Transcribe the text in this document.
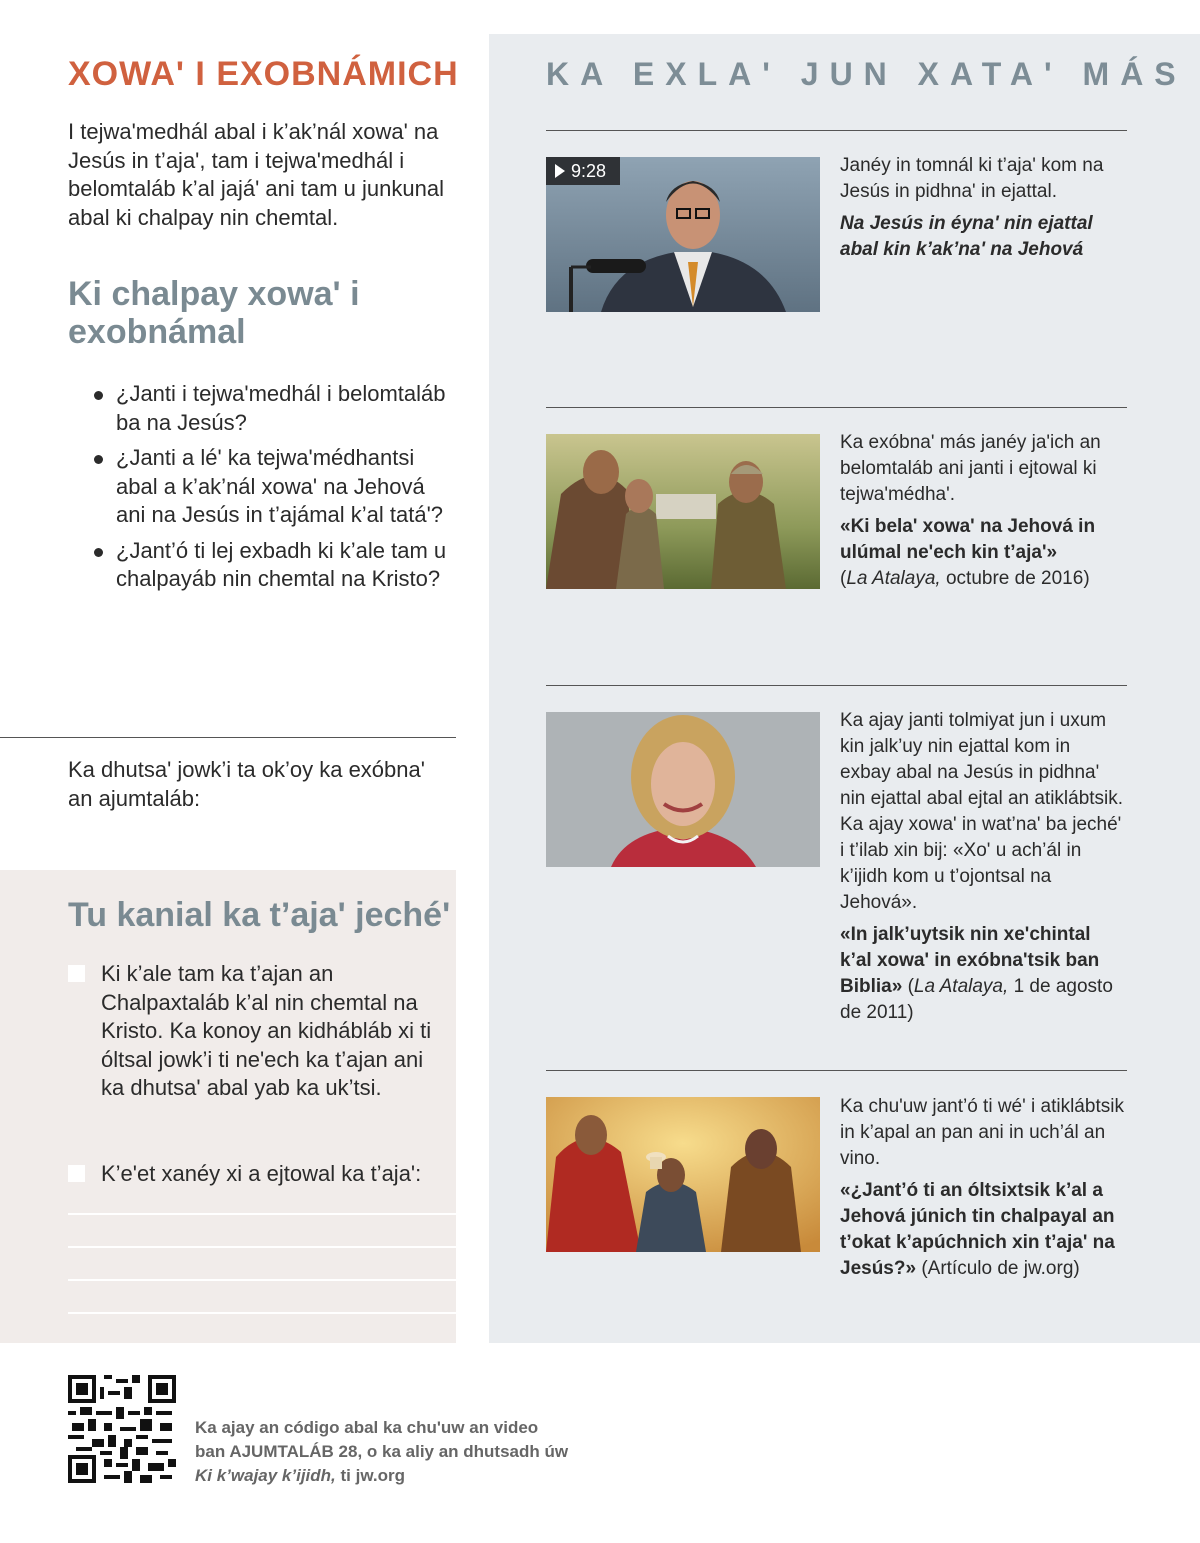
XOWA' I EXOBNÁMICH

I tejwa'medhál abal i k’ak’nál xowa' na Jesús in t’aja', tam i tejwa'medhál i belomtaláb k’al jajá' ani tam u junkunal abal ki chalpay nin chemtal.

Ki chalpay xowa' i exobnámal
¿Janti i tejwa'medhál i belomtaláb ba na Jesús?
¿Janti a lé' ka tejwa'médhantsi abal a k’ak’nál xowa' na Jehová ani na Jesús in t’ajámal k’al tatá'?
¿Jant’ó ti lej exbadh ki k’ale tam u chalpayáb nin chemtal na Kristo?

Ka dhutsa' jowk’i ta ok’oy ka exóbna' an ajumtaláb:

Tu kanial ka t’aja' jeché'
Ki k’ale tam ka t’ajan an Chalpaxtaláb k’al nin chemtal na Kristo. Ka konoy an kidhábláb xi ti óltsal jowk’i ti ne'ech ka t’ajan ani ka dhutsa' abal yab ka uk’tsi.
K’e'et xanéy xi a ejtowal ka t’aja':
KA EXLA' JUN XATA' MÁS
9:28	Janéy in tomnál ki t’aja' kom na Jesús in pidhna' in ejattal.

Na Jesús in éyna' nin ejattal abal kin k’ak’na' na Jehová

Ka exóbna' más janéy ja'ich an belomtaláb ani janti i ejtowal ki tejwa'médha'.

«Ki bela' xowa' na Jehová in ulúmal ne'ech kin t’aja'»
(La Atalaya, octubre de 2016)

Ka ajay janti tolmiyat jun i uxum kin jalk’uy nin ejattal kom in exbay abal na Jesús in pidhna' nin ejattal abal ejtal an atiklábtsik. Ka ajay xowa' in wat’na' ba jeché' i t’ilab xin bij: «Xo' u ach’ál in k’ijidh kom u t’ojontsal na Jehová».

«In jalk’uytsik nin xe'chintal k’al xowa' in exóbna'tsik ban Biblia» (La Atalaya, 1 de agosto de 2011)

Ka chu'uw jant’ó ti wé' i atiklábtsik in k’apal an pan ani in uch’ál an vino.

«¿Jant’ó ti an óltsixtsik k’al a Jehová júnich tin chalpayal an t’okat k’apúchnich xin t’aja' na Jesús?» (Artículo de jw.org)

Ka ajay an código abal ka chu'uw an video
ban AJUMTALÁB 28, o ka aliy an dhutsadh úw
Ki k’wajay k’ijidh, ti jw.org
